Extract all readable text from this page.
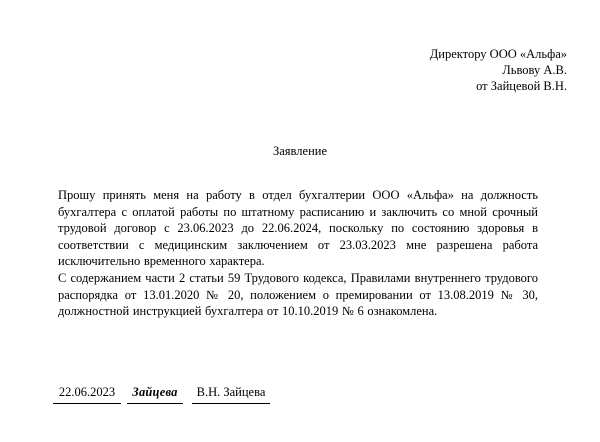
Директору ООО «Альфа»
Львову А.В.
от Зайцевой В.Н.
Заявление
Прошу принять меня на работу в отдел бухгалтерии ООО «Альфа» на должность бухгалтера с оплатой работы по штатному расписанию и заключить со мной срочный трудовой договор с 23.06.2023 до 22.06.2024, поскольку по состоянию здоровья в соответствии с медицинским заключением от 23.03.2023 мне разрешена работа исключительно временного характера.
С содержанием части 2 статьи 59 Трудового кодекса, Правилами внутреннего трудового распорядка от 13.01.2020 № 20, положением о премировании от 13.08.2019 № 30, должностной инструкцией бухгалтера от 10.10.2019 № 6 ознакомлена.
22.06.2023	Зайцева	В.Н. Зайцева
